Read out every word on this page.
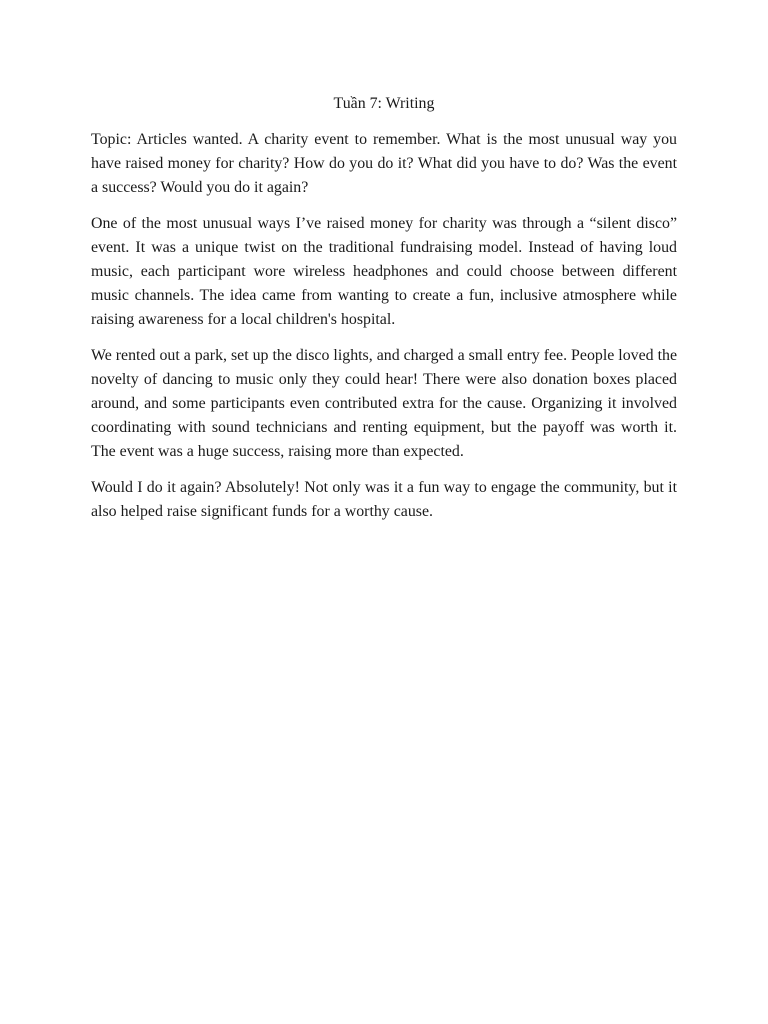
Tuần 7: Writing

Topic: Articles wanted. A charity event to remember. What is the most unusual way you have raised money for charity? How do you do it? What did you have to do? Was the event a success? Would you do it again?

One of the most unusual ways I’ve raised money for charity was through a “silent disco” event. It was a unique twist on the traditional fundraising model. Instead of having loud music, each participant wore wireless headphones and could choose between different music channels. The idea came from wanting to create a fun, inclusive atmosphere while raising awareness for a local children's hospital.

We rented out a park, set up the disco lights, and charged a small entry fee. People loved the novelty of dancing to music only they could hear! There were also donation boxes placed around, and some participants even contributed extra for the cause. Organizing it involved coordinating with sound technicians and renting equipment, but the payoff was worth it. The event was a huge success, raising more than expected.

Would I do it again? Absolutely! Not only was it a fun way to engage the community, but it also helped raise significant funds for a worthy cause.
